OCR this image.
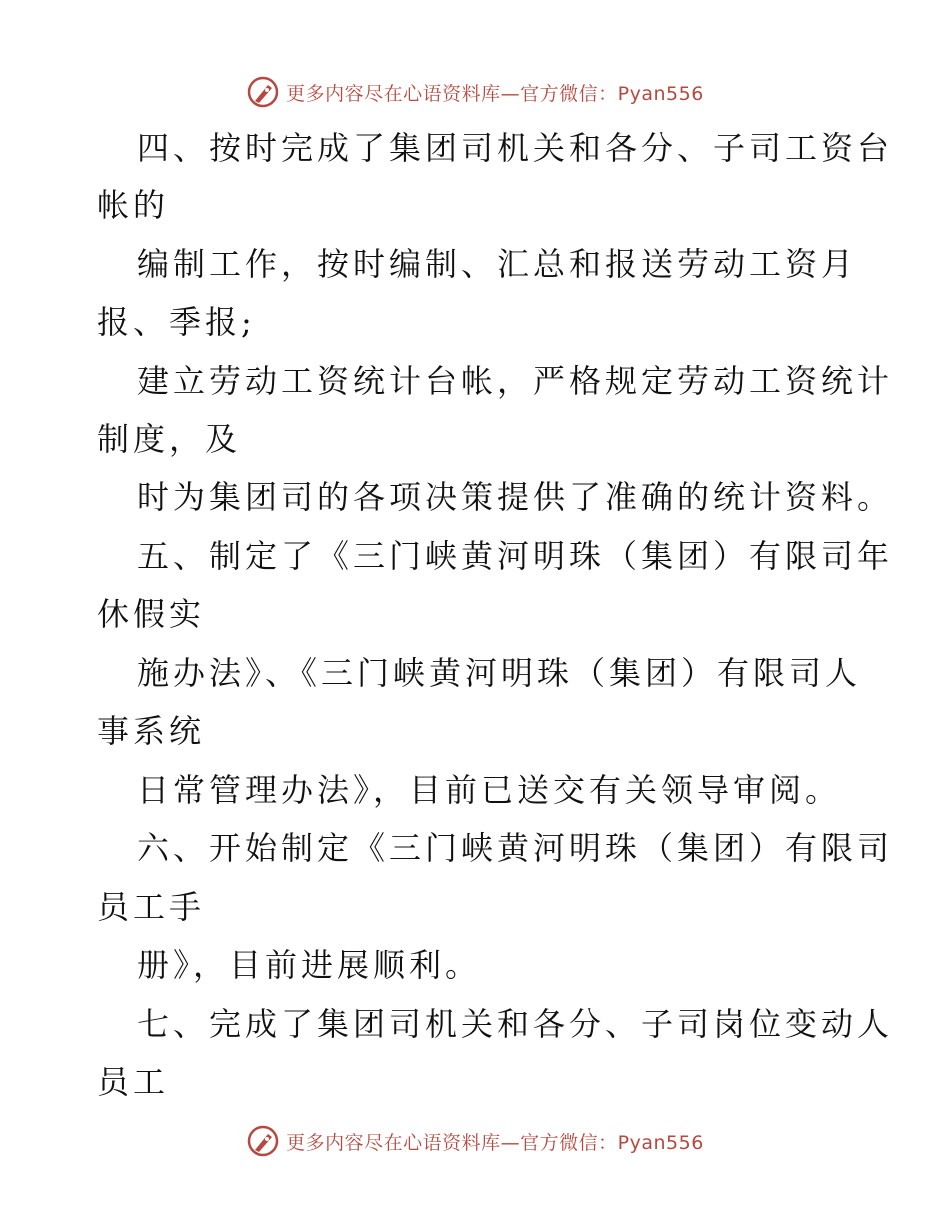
更多内容尽在心语资料库—官方微信：Pyan556
四、按时完成了集团司机关和各分、子司工资台
帐的
编制工作，按时编制、汇总和报送劳动工资月
报、季报;
建立劳动工资统计台帐，严格规定劳动工资统计
制度，及
时为集团司的各项决策提供了准确的统计资料。
五、制定了《三门峡黄河明珠（集团）有限司年
休假实
施办法》、《三门峡黄河明珠（集团）有限司人
事系统
日常管理办法》，目前已送交有关领导审阅。
六、开始制定《三门峡黄河明珠（集团）有限司
员工手
册》，目前进展顺利。
七、完成了集团司机关和各分、子司岗位变动人
员工
更多内容尽在心语资料库—官方微信：Pyan556
